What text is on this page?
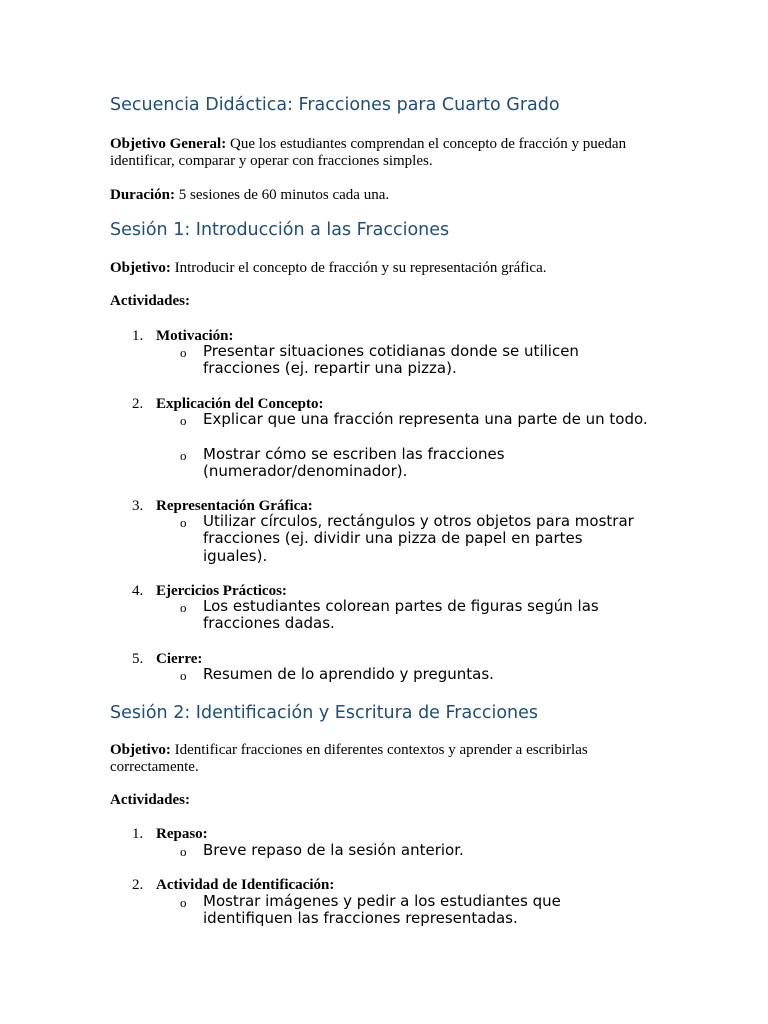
Secuencia Didáctica: Fracciones para Cuarto Grado
Objetivo General: Que los estudiantes comprendan el concepto de fracción y puedan identificar, comparar y operar con fracciones simples.
Duración: 5 sesiones de 60 minutos cada una.
Sesión 1: Introducción a las Fracciones
Objetivo: Introducir el concepto de fracción y su representación gráfica.
Actividades:
1. Motivación:
o Presentar situaciones cotidianas donde se utilicen fracciones (ej. repartir una pizza).
2. Explicación del Concepto:
o Explicar que una fracción representa una parte de un todo.
o Mostrar cómo se escriben las fracciones (numerador/denominador).
3. Representación Gráfica:
o Utilizar círculos, rectángulos y otros objetos para mostrar fracciones (ej. dividir una pizza de papel en partes iguales).
4. Ejercicios Prácticos:
o Los estudiantes colorean partes de figuras según las fracciones dadas.
5. Cierre:
o Resumen de lo aprendido y preguntas.
Sesión 2: Identificación y Escritura de Fracciones
Objetivo: Identificar fracciones en diferentes contextos y aprender a escribirlas correctamente.
Actividades:
1. Repaso:
o Breve repaso de la sesión anterior.
2. Actividad de Identificación:
o Mostrar imágenes y pedir a los estudiantes que identifiquen las fracciones representadas.
